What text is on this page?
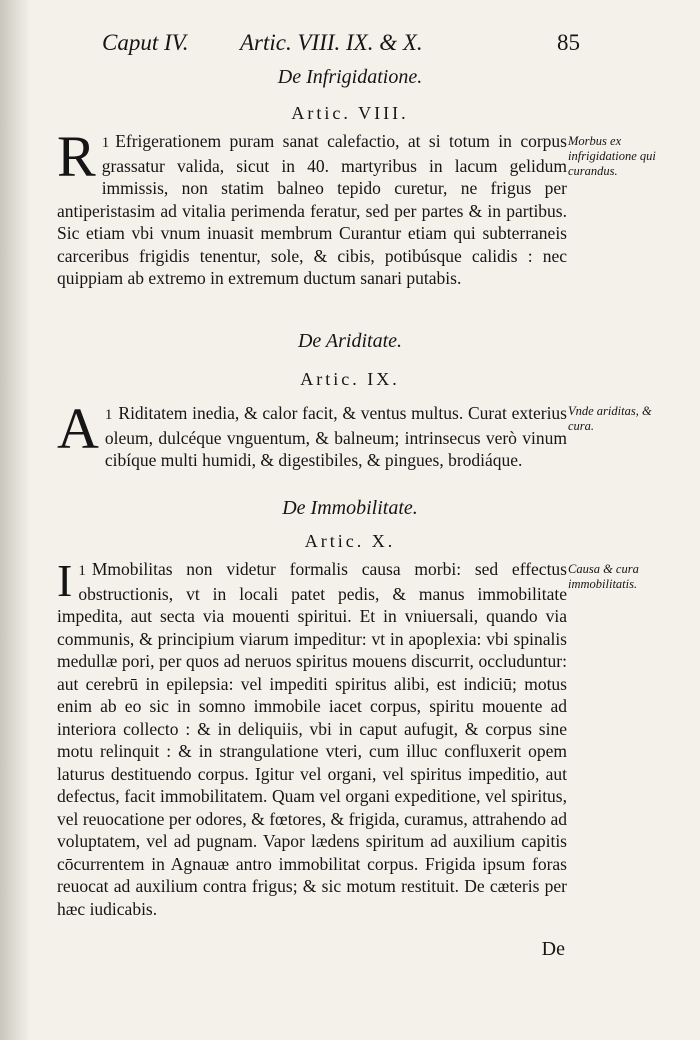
Caput IV. Artic. VIII. IX. & X.	85
De Infrigidatione.
Artic. VIII.

1
R Efrigerationem puram sanat calefactio, at si totum in corpus grassatur valida, sicut in 40. martyribus in lacum gelidum immissis, non statim balneo tepido curetur, ne frigus per antiperistasim ad vitalia perimenda feratur, sed per partes & in partibus. Sic etiam vbi vnum inuasit membrum Curantur etiam qui subterraneis carceribus frigidis tenentur, sole, & cibis, potibúsque calidis : nec quippiam ab extremo in extremum ductum sanari putabis.

Morbus ex infrigidatione qui curandus.
De Ariditate.
Artic. IX.

1
A Riditatem inedia, & calor facit, & ventus multus. Curat exterius oleum, dulcéque vnguentum, & balneum; intrinsecus verò vinum cibíque multi humidi, & digestibiles, & pingues, brodiáque.

Vnde ariditas, & cura.
De Immobilitate.
Artic. X.

1
I Mmobilitas non videtur formalis causa morbi: sed effectus obstructionis, vt in locali patet pedis, & manus immobilitate impedita, aut secta via mouenti spiritui. Et in vniuersali, quando via communis, & principium viarum impeditur: vt in apoplexia: vbi spinalis medullæ pori, per quos ad neruos spiritus mouens discurrit, occluduntur: aut cerebrū in epilepsia: vel impediti spiritus alibi, est indiciū; motus enim ab eo sic in somno immobile iacet corpus, spiritu mouente ad interiora collecto : & in deliquiis, vbi in caput aufugit, & corpus sine motu relinquit : & in strangulatione vteri, cum illuc confluxerit opem laturus destituendo corpus. Igitur vel organi, vel spiritus impeditio, aut defectus, facit immobilitatem. Quam vel organi expeditione, vel spiritus, vel reuocatione per odores, & fœtores, & frigida, curamus, attrahendo ad voluptatem, vel ad pugnam. Vapor lædens spiritum ad auxilium capitis cōcurrentem in Agnauæ antro immobilitat corpus. Frigida ipsum foras reuocat ad auxilium contra frigus; & sic motum restituit. De cæteris per hæc iudicabis.

Causa & cura immobilitatis.
De
